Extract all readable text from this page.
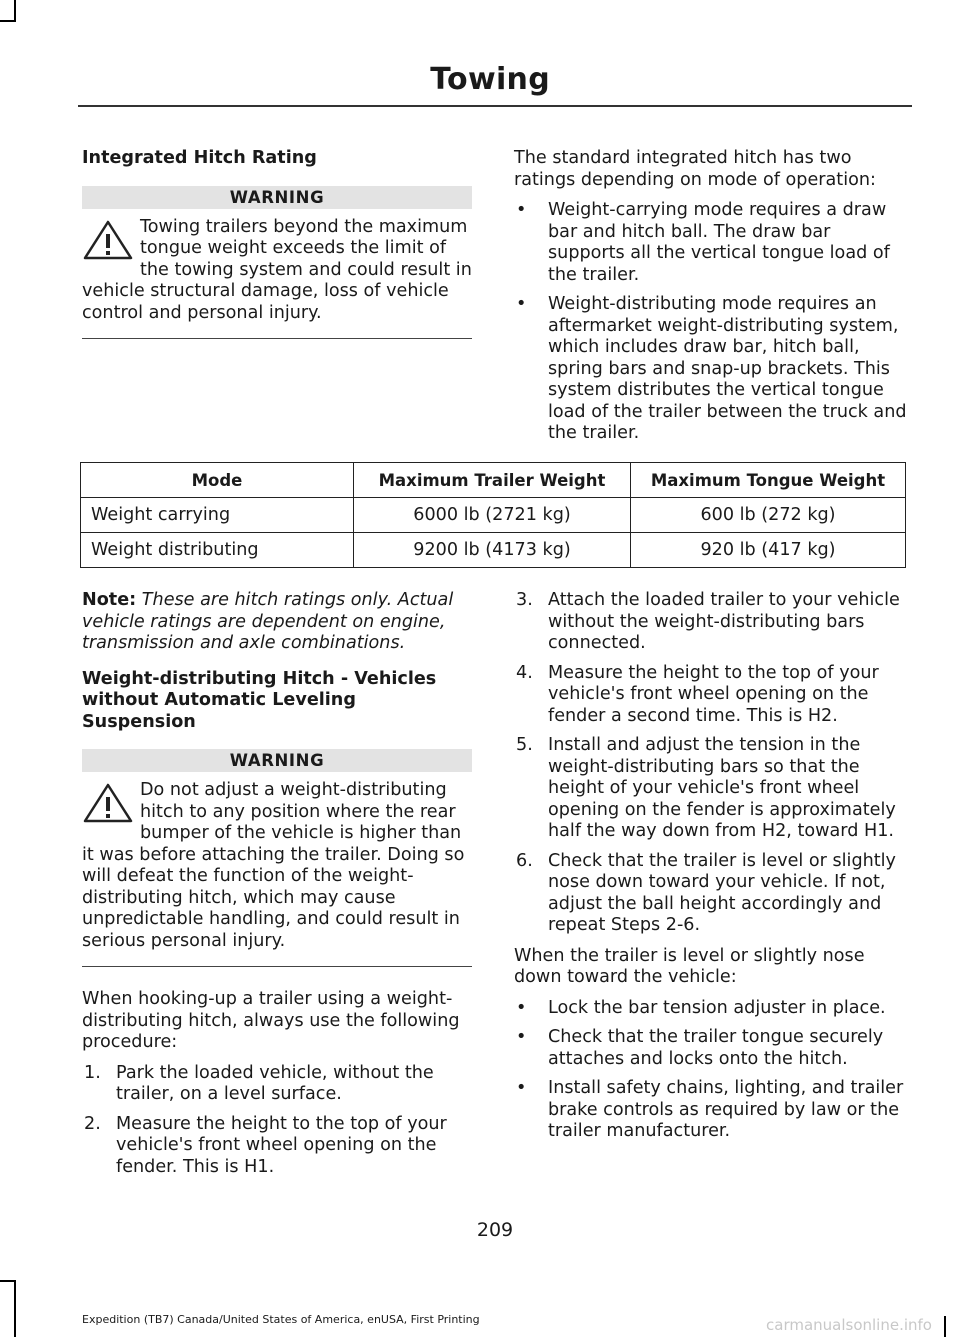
Towing
Integrated Hitch Rating
WARNING

Towing trailers beyond the maximum tongue weight exceeds the limit of the towing system and could result in vehicle structural damage, loss of vehicle control and personal injury.

The standard integrated hitch has two ratings depending on mode of operation:

• Weight-carrying mode requires a draw bar and hitch ball. The draw bar supports all the vertical tongue load of the trailer.
• Weight-distributing mode requires an aftermarket weight-distributing system, which includes draw bar, hitch ball, spring bars and snap-up brackets. This system distributes the vertical tongue load of the trailer between the truck and the trailer.
Mode	Maximum Trailer Weight	Maximum Tongue Weight
Weight carrying	6000 lb (2721 kg)	600 lb (272 kg)
Weight distributing	9200 lb (4173 kg)	920 lb (417 kg)

Note: These are hitch ratings only. Actual vehicle ratings are dependent on engine, transmission and axle combinations.

Weight-distributing Hitch - Vehicles without Automatic Leveling Suspension
WARNING

Do not adjust a weight-distributing hitch to any position where the rear bumper of the vehicle is higher than it was before attaching the trailer. Doing so will defeat the function of the weight-distributing hitch, which may cause unpredictable handling, and could result in serious personal injury.

When hooking-up a trailer using a weight-distributing hitch, always use the following procedure:

1. Park the loaded vehicle, without the trailer, on a level surface.
2. Measure the height to the top of your vehicle's front wheel opening on the fender. This is H1.
3. Attach the loaded trailer to your vehicle without the weight-distributing bars connected.
4. Measure the height to the top of your vehicle's front wheel opening on the fender a second time. This is H2.
5. Install and adjust the tension in the weight-distributing bars so that the height of your vehicle's front wheel opening on the fender is approximately half the way down from H2, toward H1.
6. Check that the trailer is level or slightly nose down toward your vehicle. If not, adjust the ball height accordingly and repeat Steps 2-6.

When the trailer is level or slightly nose down toward the vehicle:

• Lock the bar tension adjuster in place.
• Check that the trailer tongue securely attaches and locks onto the hitch.
• Install safety chains, lighting, and trailer brake controls as required by law or the trailer manufacturer.
209
Expedition (TB7) Canada/United States of America, enUSA, First Printing	carmanualsonline.info
